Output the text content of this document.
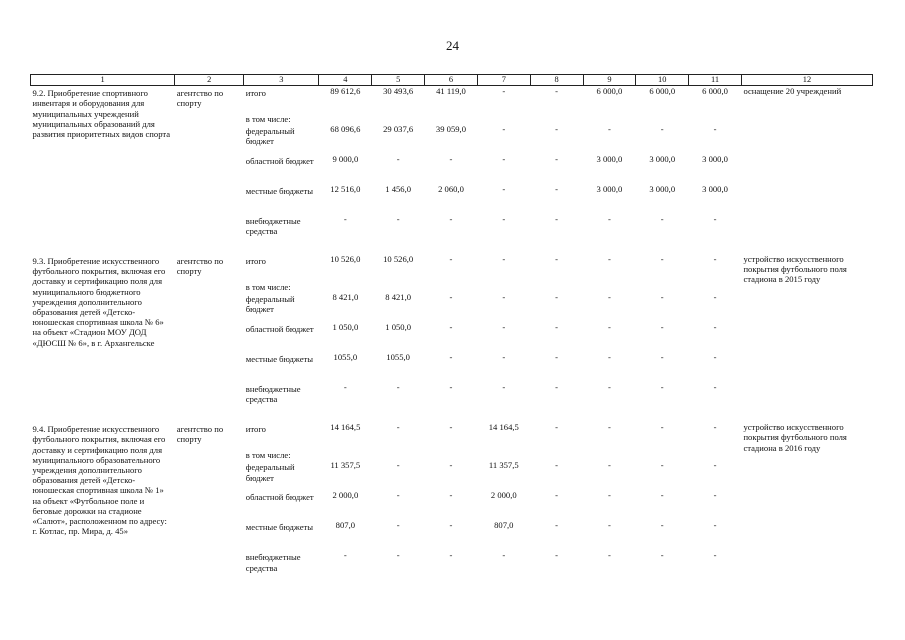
24
1	2	3	4	5	6	7	8	9	10	11	12
9.2. Приобретение спортивного инвентаря и оборудования для муниципальных учреждений муниципальных образований для развития приоритетных видов спорта	агентство по спорту	итого	89 612,6	30 493,6	41 119,0	-	-	6 000,0	6 000,0	6 000,0	оснащение 20 учреждений
		в том числе:									
		федеральный бюджет	68 096,6	29 037,6	39 059,0	-	-	-	-	-	
		областной бюджет	9 000,0	-	-	-	-	3 000,0	3 000,0	3 000,0	
		местные бюджеты	12 516,0	1 456,0	2 060,0	-	-	3 000,0	3 000,0	3 000,0	
		внебюджетные средства	-	-	-	-	-	-	-	-	

9.3. Приобретение искусственного футбольного покрытия, включая его доставку и сертификацию поля для муниципального бюджетного учреждения дополнительного образования детей «Детско-юношеская спортивная школа № 6» на объект «Стадион МОУ ДОД «ДЮСШ № 6», в г. Архангельске	агентство по спорту	итого	10 526,0	10 526,0	-	-	-	-	-	-	устройство искусственного покрытия футбольного поля стадиона в 2015 году
		в том числе:									
		федеральный бюджет	8 421,0	8 421,0	-	-	-	-	-	-	
		областной бюджет	1 050,0	1 050,0	-	-	-	-	-	-	
		местные бюджеты	1055,0	1055,0	-	-	-	-	-	-	
		внебюджетные средства	-	-	-	-	-	-	-	-	

9.4. Приобретение искусственного футбольного покрытия, включая его доставку и сертификацию поля для муниципального образовательного учреждения дополнительного образования детей «Детско-юношеская спортивная школа № 1» на объект «Футбольное поле и беговые дорожки на стадионе «Салют», расположенном по адресу: г. Котлас, пр. Мира, д. 45»	агентство по спорту	итого	14 164,5	-	-	14 164,5	-	-	-	-	устройство искусственного покрытия футбольного поля стадиона в 2016 году
		в том числе:									
		федеральный бюджет	11 357,5	-	-	11 357,5	-	-	-	-	
		областной бюджет	2 000,0	-	-	2 000,0	-	-	-	-	
		местные бюджеты	807,0	-	-	807,0	-	-	-	-	
		внебюджетные средства	-	-	-	-	-	-	-	-	
